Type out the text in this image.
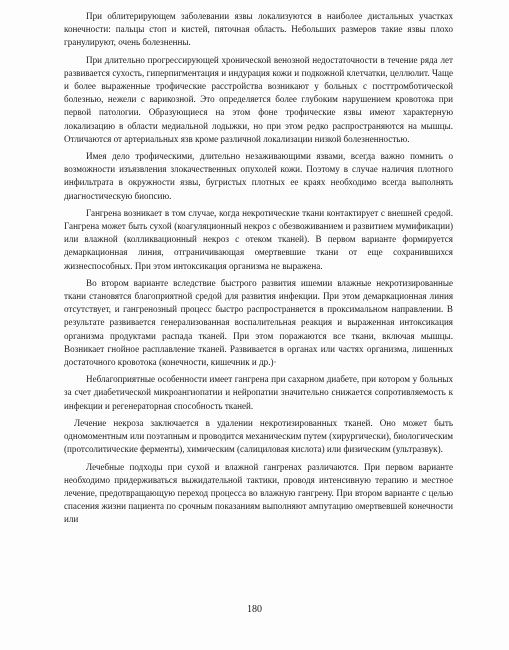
При облитерирующем заболевании язвы локализуются в наиболее дистальных участках конечности: пальцы стоп и кистей, пяточная область. Небольших размеров такие язвы плохо гранулируют, очень болезненны.

При длительно прогрессирующей хронической венозной недостаточности в течение ряда лет развивается сухость, гиперпигментация и индурация кожи и подкожной клетчатки, целлюлит. Чаще и более выраженные трофические расстройства возникают у больных с посттромботической болезнью, нежели с варикозной. Это определяется более глубоким нарушением кровотока при первой патологии. Образующиеся на этом фоне трофические язвы имеют характерную локализацию в области медиальной лодыжки, но при этом редко распространяются на мышцы. Отличаются от артериальных язв кроме различной локализации низкой болезненностью.

Имея дело трофическими, длительно незаживающими язвами, всегда важно помнить о возможности изъязвления злокачественных опухолей кожи. Поэтому в случае наличия плотного инфильтрата в окружности язвы, бугристых плотных ее краях необходимо всегда выполнять диагностическую биопсию.

Гангрена возникает в том случае, когда некротические ткани контактирует с внешней средой. Гангрена может быть сухой (коагуляционный некроз с обезвоживанием и развитием мумификации) или влажной (колликвационный некроз с отеком тканей). В первом варианте формируется демаркационная линия, отграничивающая омертвевшие ткани от еще сохранившихся жизнеспособных. При этом интоксикация организма не выражена.

Во втором варианте вследствие быстрого развития ишемии влажные некротизированные ткани становятся благоприятной средой для развития инфекции. При этом демаркационная линия отсутствует, и гангренозный процесс быстро распространяется в проксимальном направлении. В результате развивается генерализованная воспалительная реакция и выраженная интоксикация организма продуктами распада тканей. При этом поражаются все ткани, включая мышцы. Возникает гнойное расплавление тканей. Развивается в органах или частях организма, лишенных достаточного кровотока (конечности, кишечник и др.)·

Неблагоприятные особенности имеет гангрена при сахарном диабете, при котором у больных за счет диабетической микроангиопатии и нейропатии значительно снижается сопротивляемость к инфекции и регенераторная способность тканей.

Лечение некроза заключается в удалении некротизированных тканей. Оно может быть одномоментным или поэтапным и проводится механическим путем (хирургически), биологическим (протсолитические ферменты), химическим (салициловая кислота) или физическим (ультразвук).

Лечебные подходы при сухой и влажной гангренах различаются. При первом варианте необходимо придерживаться выжидательной тактики, проводя интенсивную терапию и местное лечение, предотвращающую переход процесса во влажную гангрену. При втором варианте с целью спасения жизни пациента по срочным показаниям выполняют ампутацию омертвевшей конечности или

180
